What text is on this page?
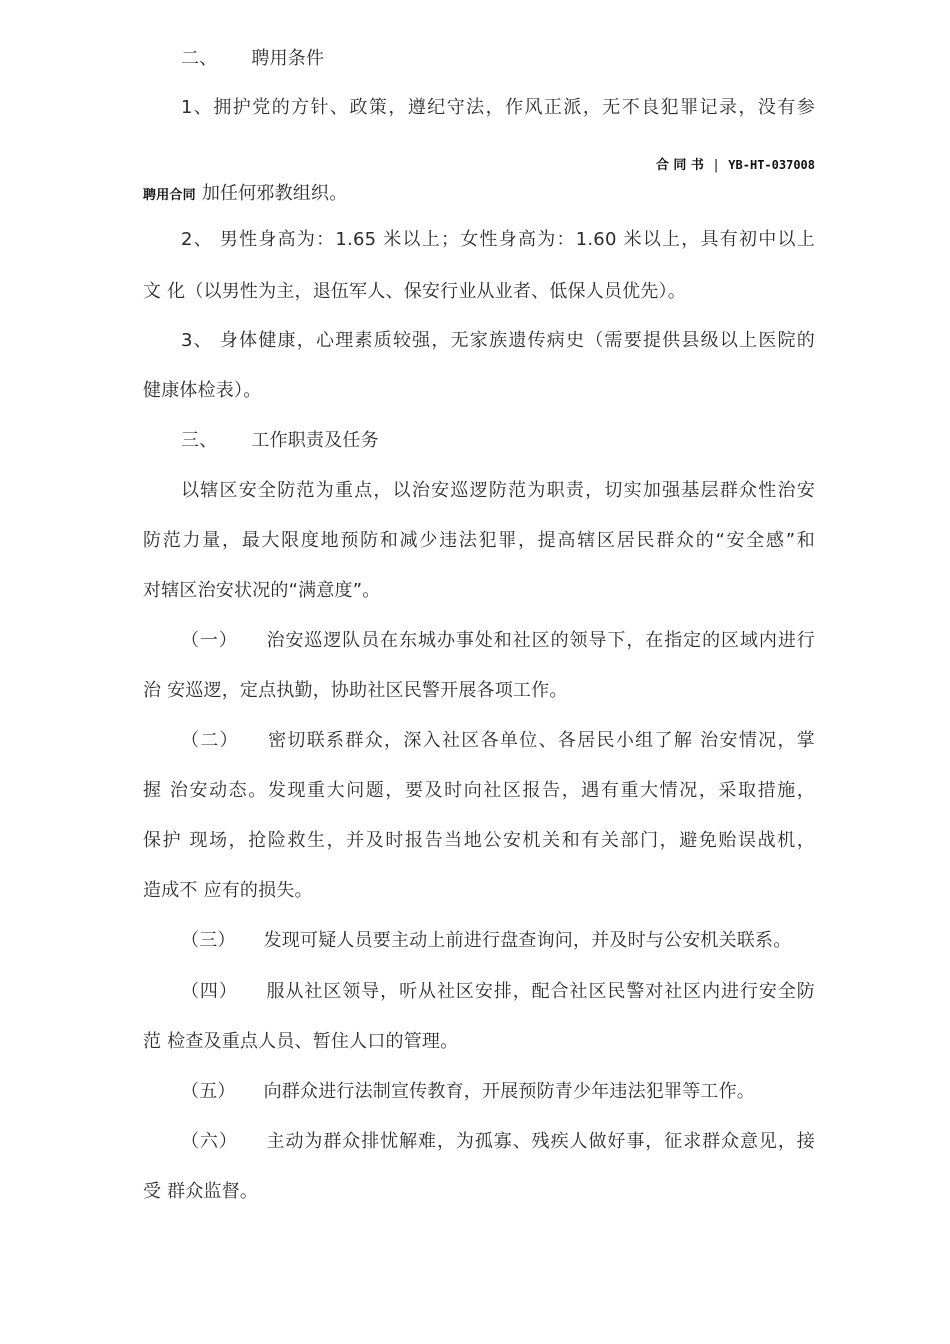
二、 聘用条件
1、拥护党的方针、政策，遵纪守法，作风正派，无不良犯罪记录，没有参
合 同 书 | YB-HT-037008
聘用合同 加任何邪教组织。
2、 男性身高为：1.65 米以上；女性身高为：1.60 米以上，具有初中以上
文 化（以男性为主，退伍军人、保安行业从业者、低保人员优先）。
3、 身体健康，心理素质较强，无家族遗传病史（需要提供县级以上医院的
健康体检表）。
三、 工作职责及任务
以辖区安全防范为重点，以治安巡逻防范为职责，切实加强基层群众性治安
防范力量，最大限度地预防和减少违法犯罪，提高辖区居民群众的“安全感”和
对辖区治安状况的“满意度”。
（一） 治安巡逻队员在东城办事处和社区的领导下，在指定的区域内进行
治 安巡逻，定点执勤，协助社区民警开展各项工作。
（二） 密切联系群众，深入社区各单位、各居民小组了解 治安情况，掌
握 治安动态。发现重大问题，要及时向社区报告，遇有重大情况，采取措施，
保护 现场，抢险救生，并及时报告当地公安机关和有关部门，避免贻误战机，
造成不 应有的损失。
（三） 发现可疑人员要主动上前进行盘查询问，并及时与公安机关联系。
（四） 服从社区领导，听从社区安排，配合社区民警对社区内进行安全防
范 检查及重点人员、暂住人口的管理。
（五） 向群众进行法制宣传教育，开展预防青少年违法犯罪等工作。
（六） 主动为群众排忧解难，为孤寡、残疾人做好事，征求群众意见，接
受 群众监督。
